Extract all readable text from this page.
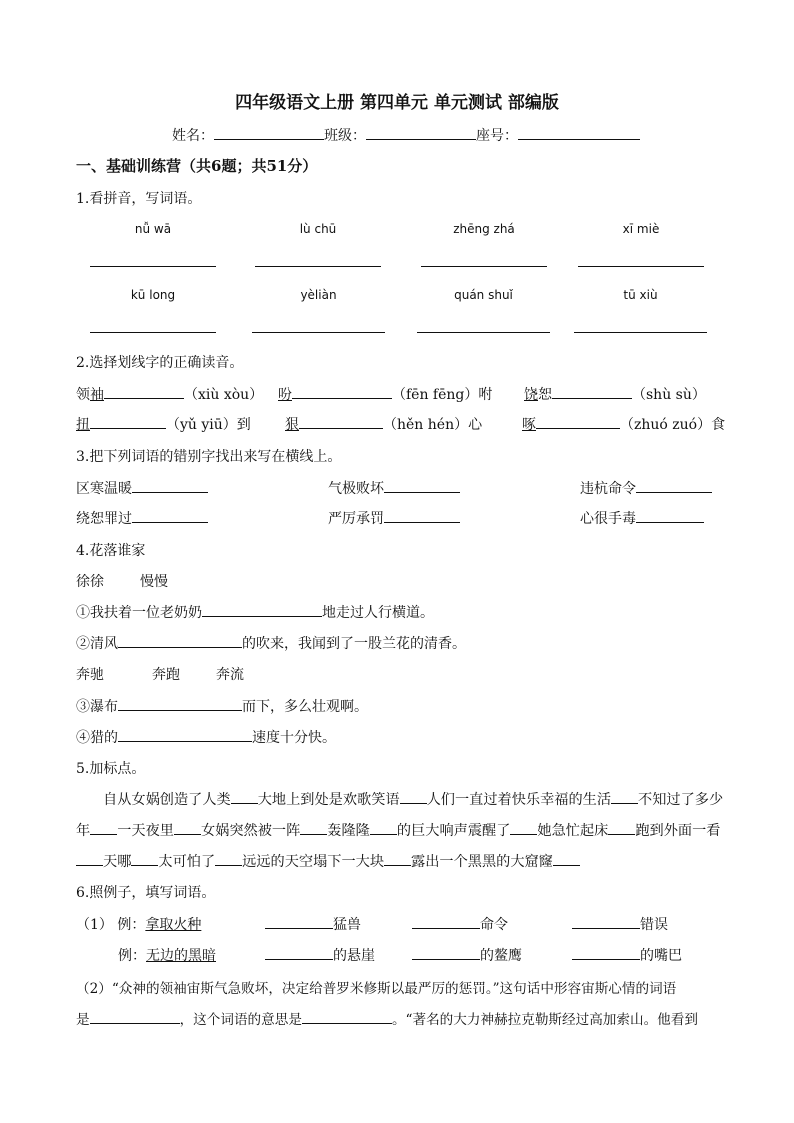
四年级语文上册 第四单元 单元测试 部编版
姓名：	班级：	座号：
一、基础训练营（共6题；共51分）
1.看拼音，写词语。
nǚ wā	lù chū	zhēng zhá	xī miè
kū long	yèliàn	quán shuǐ	tū xiù
2.选择划线字的正确读音。
领袖	（xiù xòu） 吩	（fēn fēng）咐 饶恕	（shù sù）
扭	（yǔ yiū）到 狠	（hěn hén）心	啄	（zhuó zuó）食
3.把下列词语的错别字找出来写在横线上。
区寒温暖	气极败坏	违杭命令
绕恕罪过	严厉承罚	心很手毒
4.花落谁家
徐徐	慢慢
①我扶着一位老奶奶	地走过人行横道。
②清风	的吹来，我闻到了一股兰花的清香。
奔驰	奔跑	奔流
③瀑布	而下，多么壮观啊。
④猎的	速度十分快。
5.加标点。
自从女娲创造了人类 大地上到处是欢歌笑语 人们一直过着快乐幸福的生活 不知过了多少
年 一天夜里 女娲突然被一阵 轰隆隆 的巨大响声震醒了 她急忙起床 跑到外面一看
天哪 太可怕了 远远的天空塌下一大块 露出一个黑黑的大窟窿
6.照例子，填写词语。
（1） 例：拿取火种	猛兽	命令	错误
例：无边的黑暗	的悬崖	的鳌鹰	的嘴巴
（2）“众神的领袖宙斯气急败坏，决定给普罗米修斯以最严厉的惩罚。”这句话中形容宙斯心情的词语
是	，这个词语的意思是	。“著名的大力神赫拉克勒斯经过高加索山。他看到
